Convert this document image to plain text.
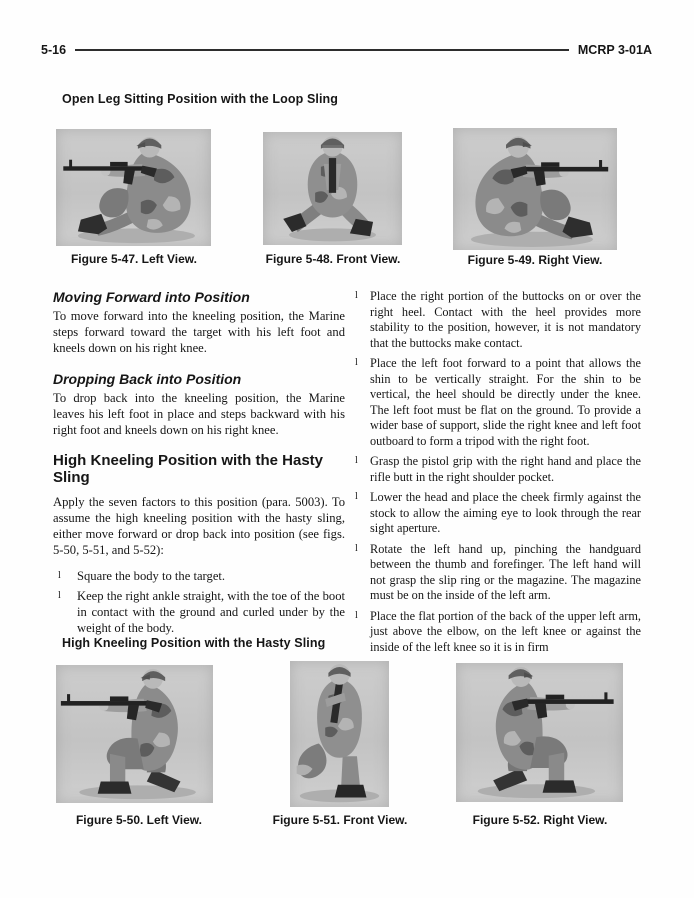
5-16	MCRP 3-01A
Open Leg Sitting Position with the Loop Sling
Figure 5-47. Left View.	Figure 5-48. Front View.	Figure 5-49. Right View.
Moving Forward into Position

To move forward into the kneeling position, the Marine steps forward toward the target with his left foot and kneels down on his right knee.

Dropping Back into Position

To drop back into the kneeling position, the Marine leaves his left foot in place and steps backward with his right foot and kneels down on his right knee.

High Kneeling Position with the Hasty Sling

Apply the seven factors to this position (para. 5003). To assume the high kneeling position with the hasty sling, either move forward or drop back into position (see figs. 5-50, 5-51, and 5-52):

l Square the body to the target.
l Keep the right ankle straight, with the toe of the boot in contact with the ground and curled under by the weight of the body.
l Place the right portion of the buttocks on or over the right heel. Contact with the heel provides more stability to the position, however, it is not mandatory that the buttocks make contact.
l Place the left foot forward to a point that allows the shin to be vertically straight. For the shin to be vertical, the heel should be directly under the knee. The left foot must be flat on the ground. To provide a wider base of support, slide the right knee and left foot outboard to form a tripod with the right foot.
l Grasp the pistol grip with the right hand and place the rifle butt in the right shoulder pocket.
l Lower the head and place the cheek firmly against the stock to allow the aiming eye to look through the rear sight aperture.
l Rotate the left hand up, pinching the handguard between the thumb and forefinger. The left hand will not grasp the slip ring or the magazine. The magazine must be on the inside of the left arm.
l Place the flat portion of the back of the upper left arm, just above the elbow, on the left knee or against the inside of the left knee so it is in firm
High Kneeling Position with the Hasty Sling
Figure 5-50. Left View.	Figure 5-51. Front View.	Figure 5-52. Right View.
